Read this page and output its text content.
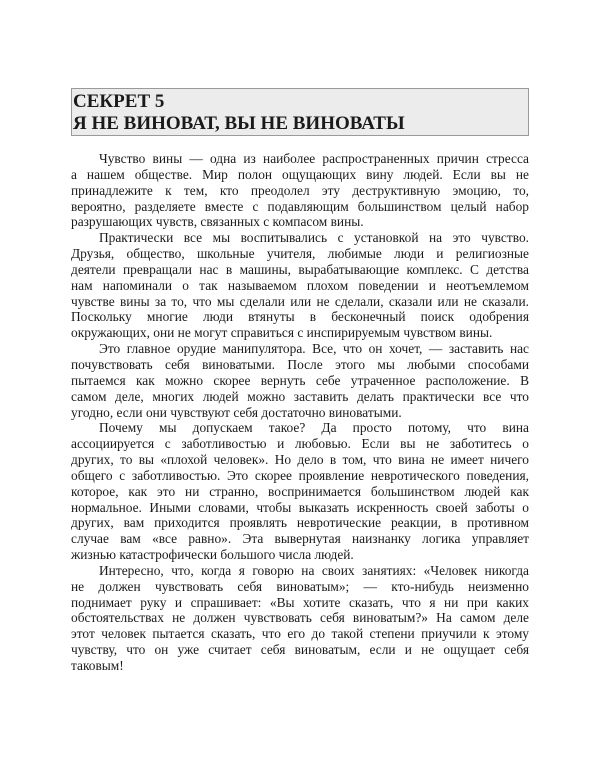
СЕКРЕТ 5
Я НЕ ВИНОВАТ, ВЫ НЕ ВИНОВАТЫ
Чувство вины — одна из наиболее распространенных причин стресса
а нашем обществе. Мир полон ощущающих вину людей. Если вы не
принадлежите к тем, кто преодолел эту деструктивную эмоцию, то,
вероятно, разделяете вместе с подавляющим большинством целый набор
разрушающих чувств, связанных с компасом вины.
Практически все мы воспитывались с установкой на это чувство.
Друзья, общество, школьные учителя, любимые люди и религиозные
деятели превращали нас в машины, вырабатывающие комплекс. С детства
нам напоминали о так называемом плохом поведении и неотъемлемом
чувстве вины за то, что мы сделали или не сделали, сказали или не сказали.
Поскольку многие люди втянуты в бесконечный поиск одобрения
окружающих, они не могут справиться с инспирируемым чувством вины.
Это главное орудие манипулятора. Все, что он хочет, — заставить нас
почувствовать себя виноватыми. После этого мы любыми способами
пытаемся как можно скорее вернуть себе утраченное расположение. В
самом деле, многих людей можно заставить делать практически все что
угодно, если они чувствуют себя достаточно виноватыми.
Почему мы допускаем такое? Да просто потому, что вина
ассоциируется с заботливостью и любовью. Если вы не заботитесь о
других, то вы «плохой человек». Но дело в том, что вина не имеет ничего
общего с заботливостью. Это скорее проявление невротического поведения,
которое, как это ни странно, воспринимается большинством людей как
нормальное. Иными словами, чтобы выказать искренность своей заботы о
других, вам приходится проявлять невротические реакции, в противном
случае вам «все равно». Эта вывернутая наизнанку логика управляет
жизнью катастрофически большого числа людей.
Интересно, что, когда я говорю на своих занятиях: «Человек никогда
не должен чувствовать себя виноватым»; — кто-нибудь неизменно
поднимает руку и спрашивает: «Вы хотите сказать, что я ни при каких
обстоятельствах не должен чувствовать себя виноватым?» На самом деле
этот человек пытается сказать, что его до такой степени приучили к этому
чувству, что он уже считает себя виноватым, если и не ощущает себя
таковым!
